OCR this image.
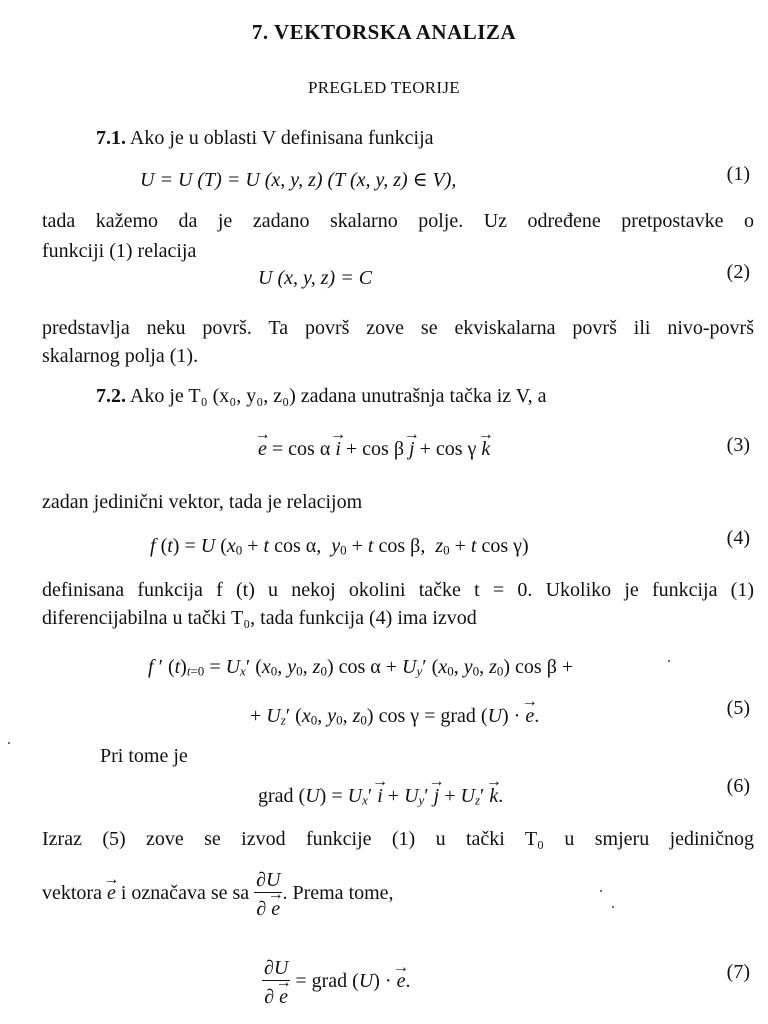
7. VEKTORSKA ANALIZA
PREGLED TEORIJE
7.1. Ako je u oblasti V definisana funkcija
U = U (T) = U (x, y, z) (T (x, y, z) ∈ V),	(1)
tada kažemo da je zadano skalarno polje. Uz određene pretpostavke o
funkciji (1) relacija
U (x, y, z) = C	(2)
predstavlja neku površ. Ta površ zove se ekviskalarna površ ili nivo-površ
skalarnog polja (1).
7.2. Ako je T₀ (x₀, y₀, z₀) zadana unutrašnja tačka iz V, a
→ e = cos α → i + cos β → j + cos γ → k	(3)
zadan jedinični vektor, tada je relacijom
f (t) = U ($x_0 + t$ cos α,  $y_0 + t$ cos β,  $z_0 + t$ cos γ)	(4)
definisana funkcija f (t) u nekoj okolini tačke t = 0. Ukoliko je funkcija (1)
diferencijabilna u tački T₀, tada funkcija (4) ima izvod
f ′ $(t)_{t=0} = U_x'$ ($x_0$, $y_0$, $z_0$) $\cos \alpha + U_y'$ ($x_0$, $y_0$, $z_0$) cos β +
+ $U_z'$ ($x_0$, $y_0$, $z_0$) cos γ = grad (U) · → e.	(5)
Pri tome je
grad $(U) = U_x' \to i + U_y' \to j + U_z' \to k$.	(6)
Izraz (5) zove se izvod funkcije (1) u tački T₀ u smjeru jediničnog
vektora → e i označava se sa $\frac{\partial U}{\partial \to e}$ . Prema tome,
$\frac{\partial U}{\partial \to e}$ = grad (U) · → e.	(7)
